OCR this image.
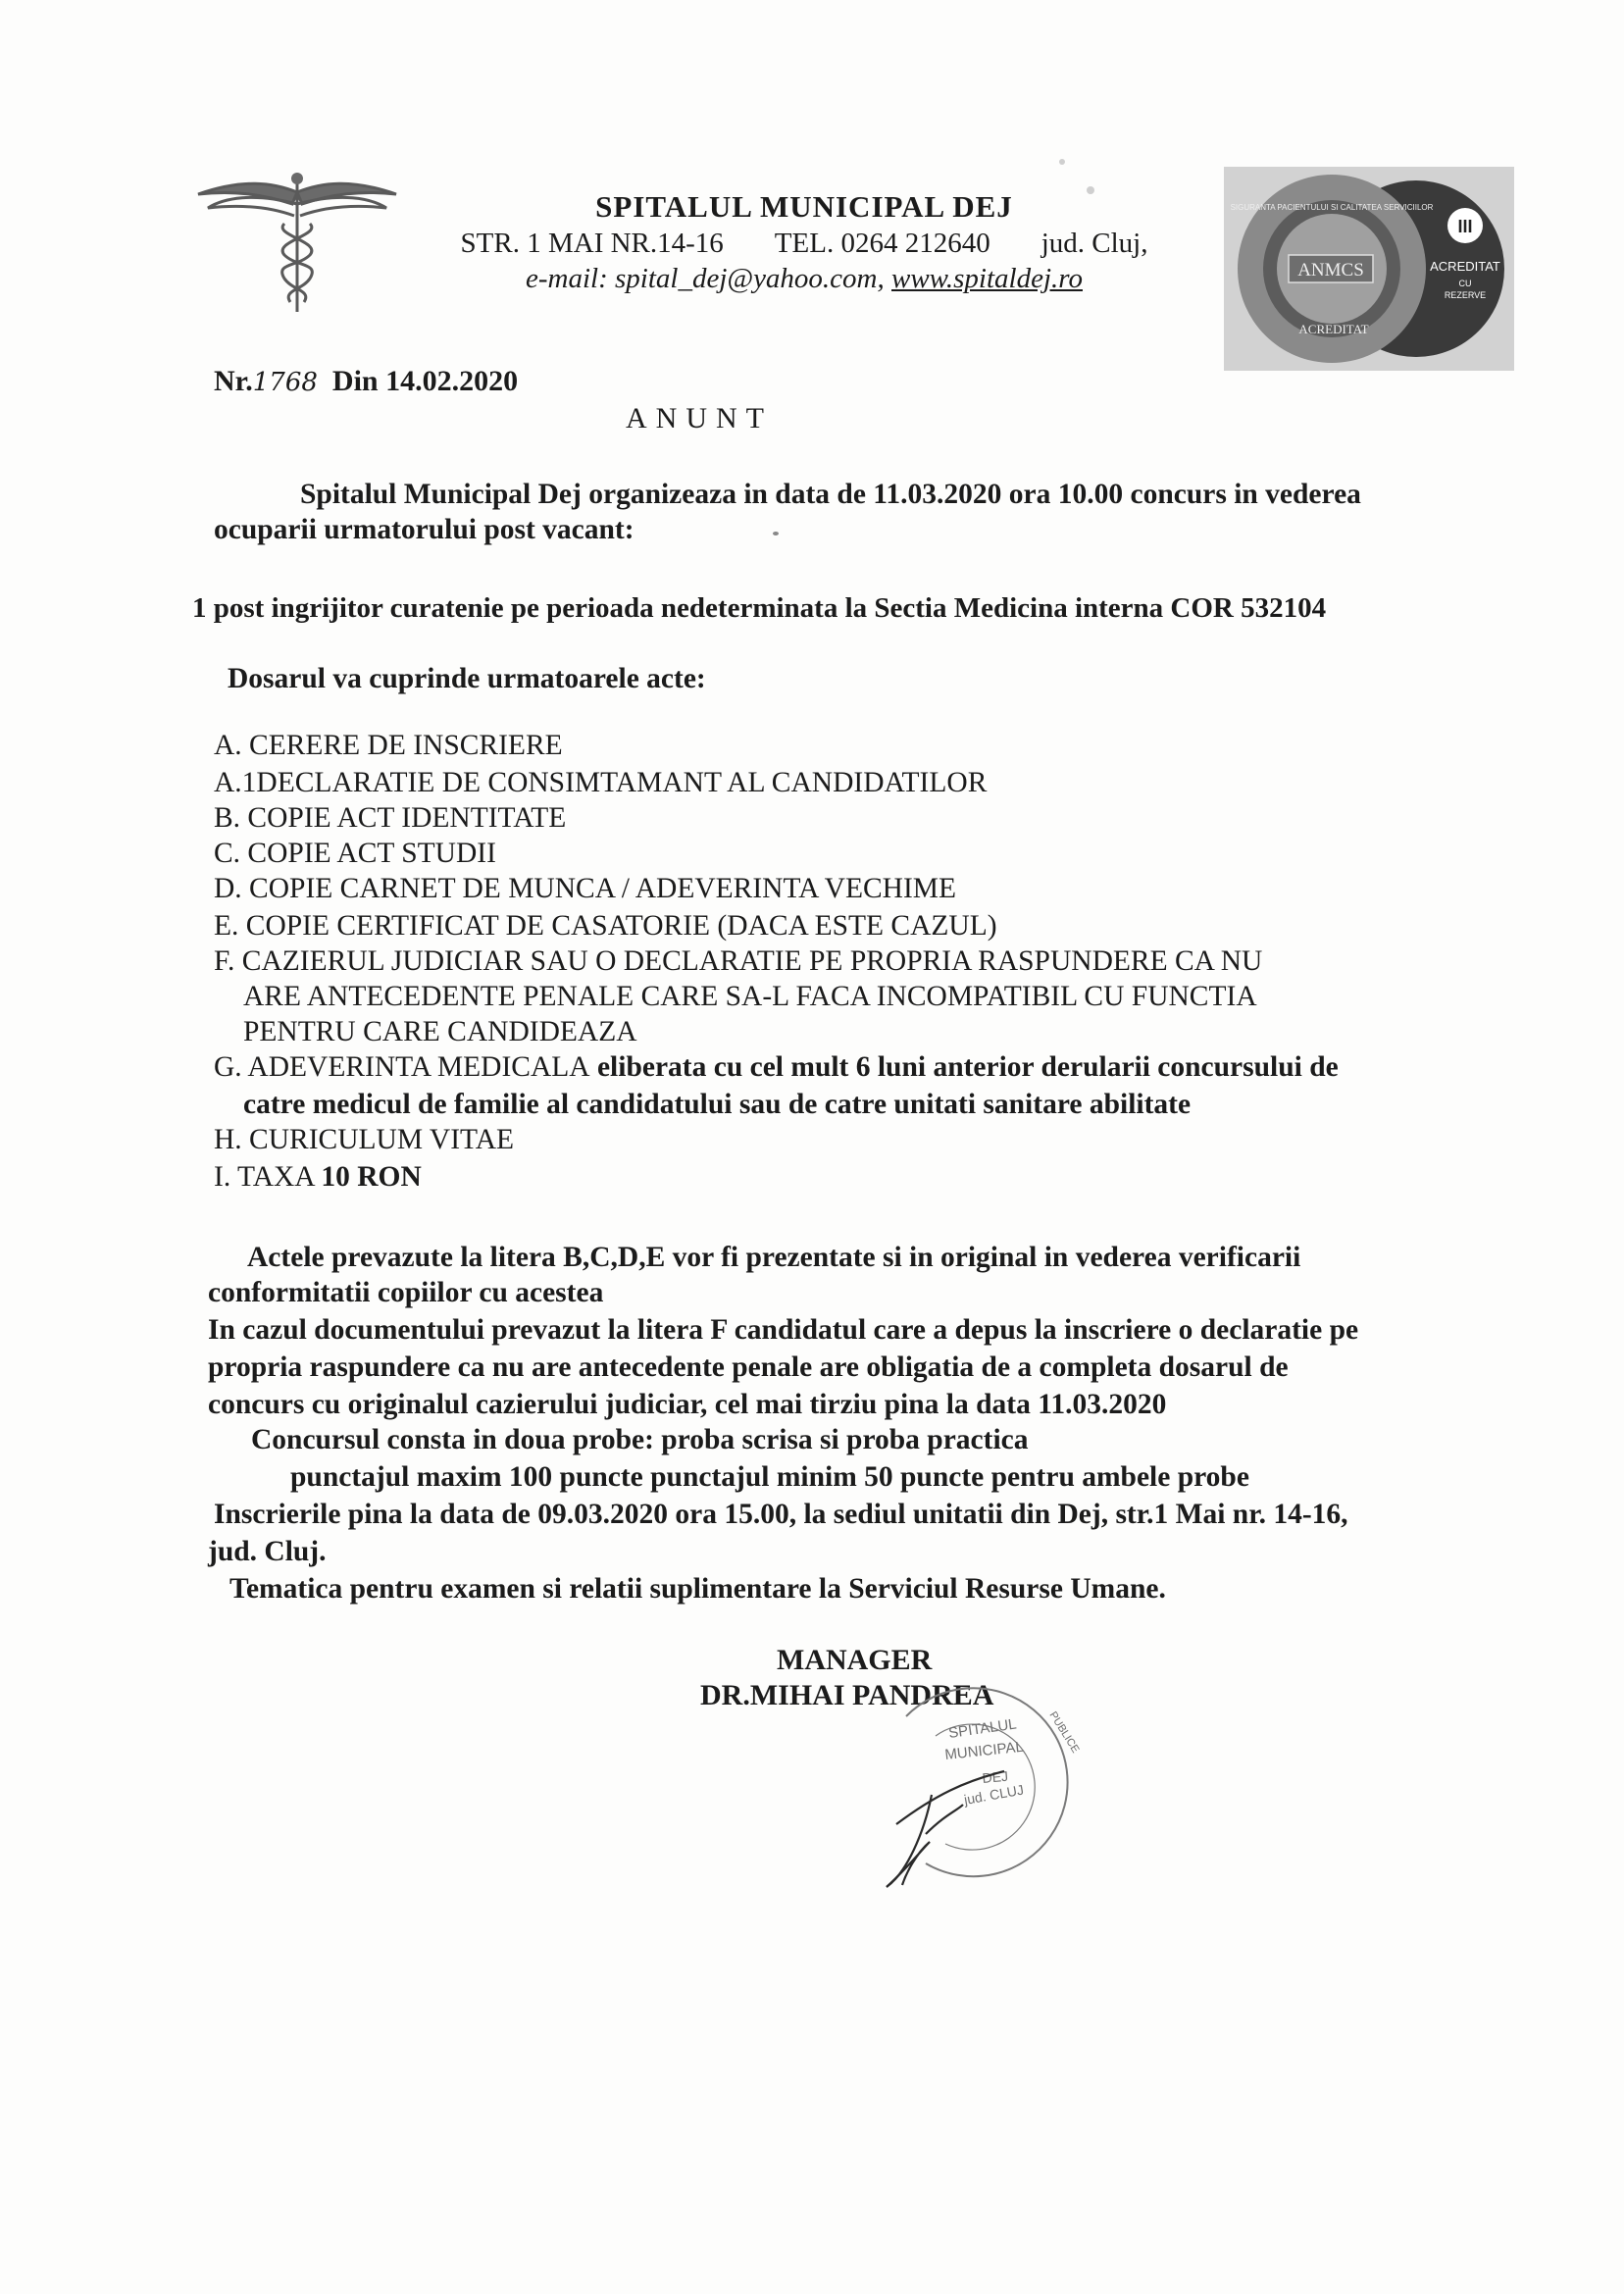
SPITALUL MUNICIPAL DEJ
STR. 1 MAI NR.14-16 TEL. 0264 212640 jud. Cluj,
e-mail: spital_dej@yahoo.com, www.spitaldej.ro	ANMCS
ACREDITAT
SIGURANTA PACIENTULUI SI CALITATEA SERVICIILOR
III
ACREDITAT
CU
REZERVE
Nr.1768 Din 14.02.2020
ANUNT
Spitalul Municipal Dej organizeaza in data de 11.03.2020 ora 10.00 concurs in vederea
ocuparii urmatorului post vacant:
1 post ingrijitor curatenie pe perioada nedeterminata la Sectia Medicina interna COR 532104
Dosarul va cuprinde urmatoarele acte:
A. CERERE DE INSCRIERE
A.1DECLARATIE DE CONSIMTAMANT AL CANDIDATILOR
B. COPIE ACT IDENTITATE
C. COPIE ACT STUDII
D. COPIE CARNET DE MUNCA / ADEVERINTA VECHIME
E. COPIE CERTIFICAT DE CASATORIE (DACA ESTE CAZUL)
F. CAZIERUL JUDICIAR SAU O DECLARATIE PE PROPRIA RASPUNDERE CA NU
ARE ANTECEDENTE PENALE CARE SA-L FACA INCOMPATIBIL CU FUNCTIA
PENTRU CARE CANDIDEAZA
G. ADEVERINTA MEDICALA eliberata cu cel mult 6 luni anterior derularii concursului de
catre medicul de familie al candidatului sau de catre unitati sanitare abilitate
H. CURICULUM VITAE
I. TAXA 10 RON
Actele prevazute la litera B,C,D,E vor fi prezentate si in original in vederea verificarii
conformitatii copiilor cu acestea
In cazul documentului prevazut la litera F candidatul care a depus la inscriere o declaratie pe
propria raspundere ca nu are antecedente penale are obligatia de a completa dosarul de
concurs cu originalul cazierului judiciar, cel mai tirziu pina la data 11.03.2020
Concursul consta in doua probe: proba scrisa si proba practica
punctajul maxim 100 puncte punctajul minim 50 puncte pentru ambele probe
Inscrierile pina la data de 09.03.2020 ora 15.00, la sediul unitatii din Dej, str.1 Mai nr. 14-16,
jud. Cluj.
Tematica pentru examen si relatii suplimentare la Serviciul Resurse Umane.
MANAGER
DR.MIHAI PANDREA
SPITALUL
MUNICIPAL
DEJ
jud. CLUJ
PUBLICE
